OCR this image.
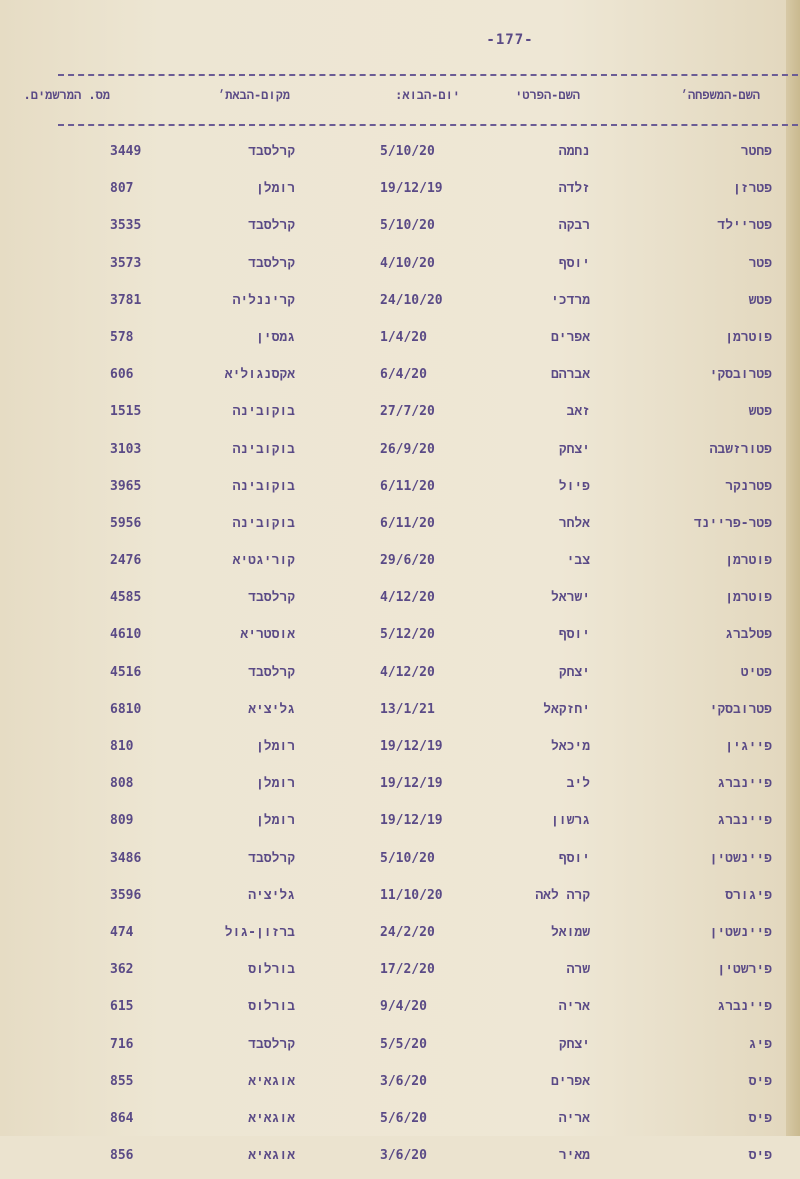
-177-
השם-המשפחה׳
השם-הפרטי
יום-הבוא:
מקום-הבאת׳
מס. המרשמים.
פחטר
נחמה
5/10/20
קרלסבד
3449
פטרזן
זלדה
19/12/19
רומלן
807
פטריילד
רבקה
5/10/20
קרלסבד
3535
פטר
יוסף
4/10/20
קרלסבד
3573
פטש
מרדכי
24/10/20
קריננליה
3781
פוטרמן
אפרים
1/4/20
גמסין
578
פטרובסקי
אברהם
6/4/20
אקסנגוליא
606
פטש
זאב
27/7/20
בוקובינה
1515
פטורזשבה
יצחק
26/9/20
בוקובינה
3103
פטרנקר
פיול
6/11/20
בוקובינה
3965
פטר-פריינד
אלחר
6/11/20
בוקובינה
5956
פוטרמן
צבי
29/6/20
קוריגטיא
2476
פוטרמן
ישראל
4/12/20
קרלסבד
4585
פטלברג
יוסף
5/12/20
אוסטריא
4610
פטיט
יצחק
4/12/20
קרלסבד
4516
פטרובסקי
יחזקאל
13/1/21
גליציא
6810
פייגין
מיכאל
19/12/19
רומלן
810
פיינברג
ליב
19/12/19
רומלן
808
פיינברג
גרשון
19/12/19
רומלן
809
פיינשטין
יוסף
5/10/20
קרלסבד
3486
פיגורס
קרה לאה
11/10/20
גליציה
3596
פיינשטין
שמואל
24/2/20
ברזון-גול
474
פירשטין
שרה
17/2/20
בורלוס
362
פיינברג
אריה
9/4/20
בורלוס
615
פיג
יצחק
5/5/20
קרלסבד
716
פיס
אפרים
3/6/20
אוגאיא
855
פיס
אריה
5/6/20
אוגאיא
864
פיס
מאיר
3/6/20
אוגאיא
856
